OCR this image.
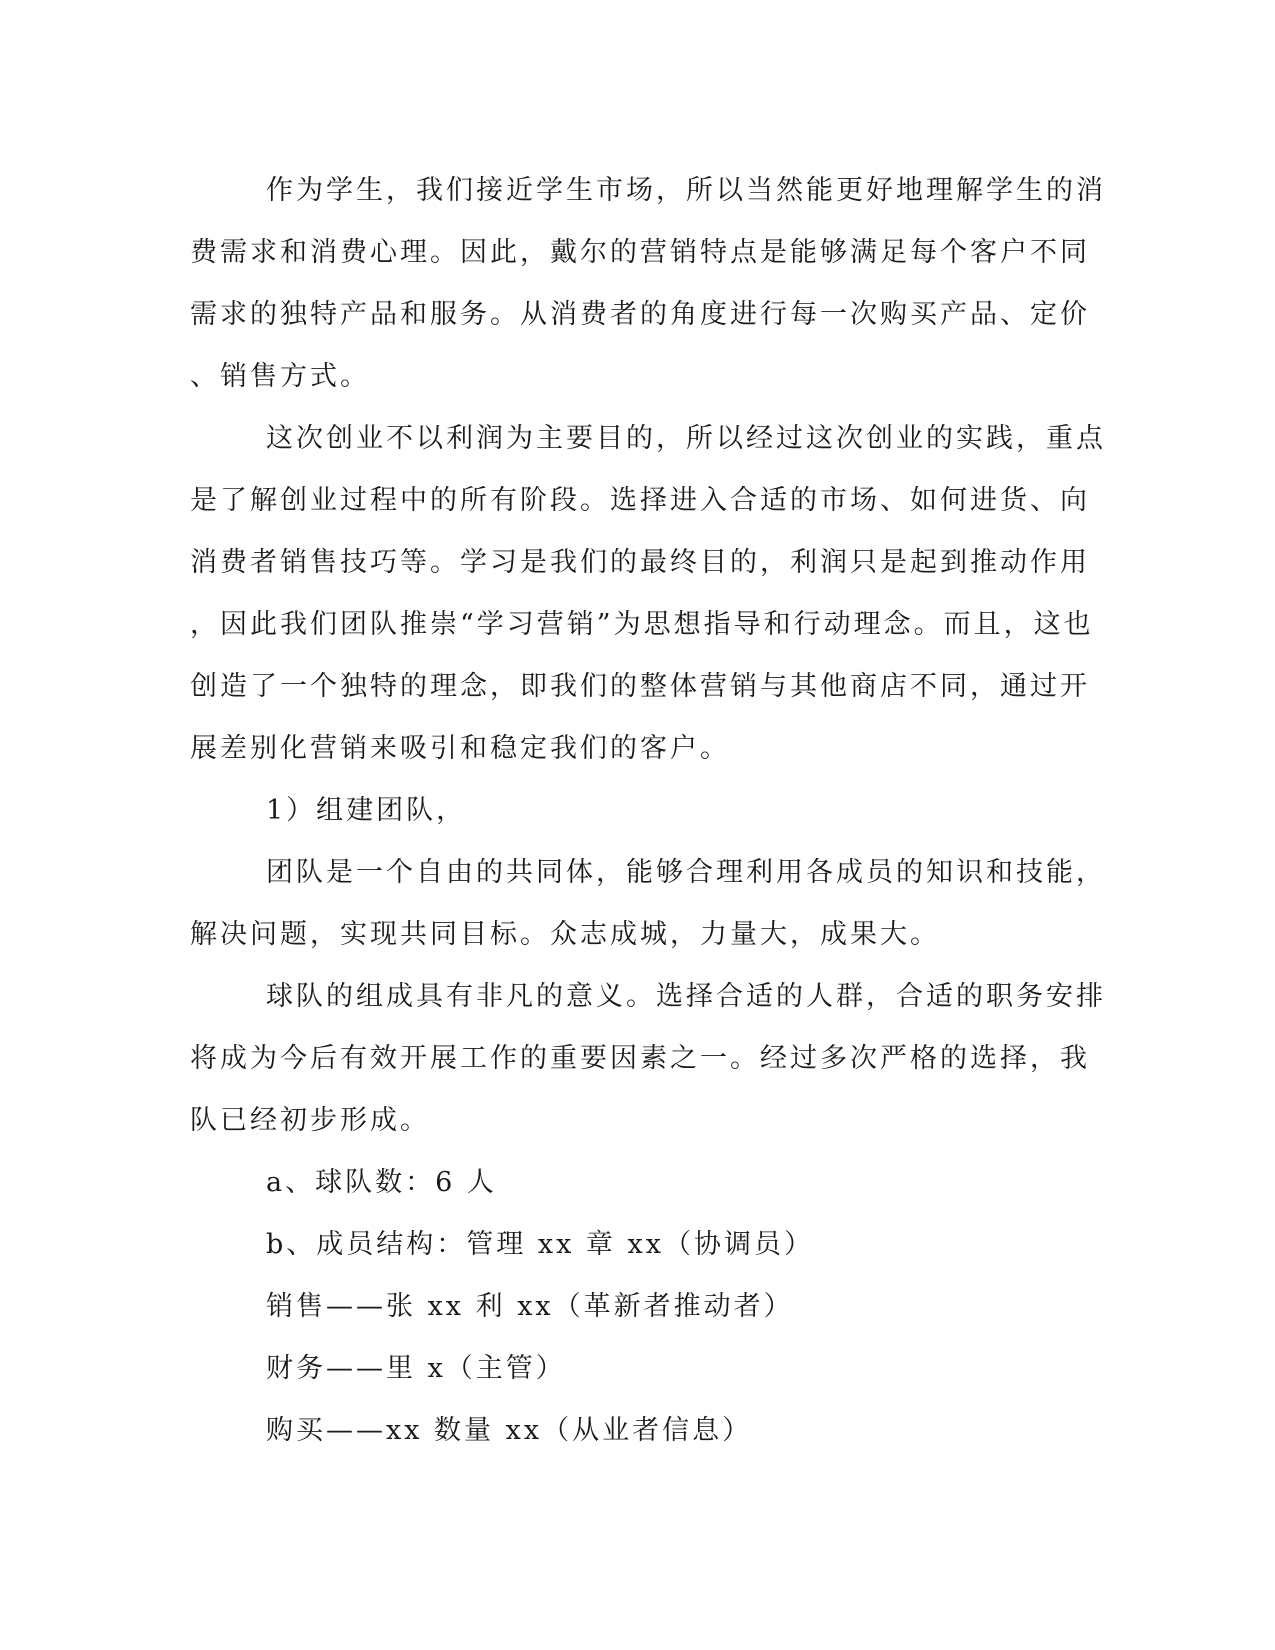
作为学生，我们接近学生市场，所以当然能更好地理解学生的消
费需求和消费心理。因此，戴尔的营销特点是能够满足每个客户不同
需求的独特产品和服务。从消费者的角度进行每一次购买产品、定价
、销售方式。
这次创业不以利润为主要目的，所以经过这次创业的实践，重点
是了解创业过程中的所有阶段。选择进入合适的市场、如何进货、向
消费者销售技巧等。学习是我们的最终目的，利润只是起到推动作用
，因此我们团队推崇“学习营销”为思想指导和行动理念。而且，这也
创造了一个独特的理念，即我们的整体营销与其他商店不同，通过开
展差别化营销来吸引和稳定我们的客户。
1）组建团队，
团队是一个自由的共同体，能够合理利用各成员的知识和技能，
解决问题，实现共同目标。众志成城，力量大，成果大。
球队的组成具有非凡的意义。选择合适的人群，合适的职务安排
将成为今后有效开展工作的重要因素之一。经过多次严格的选择，我
队已经初步形成。
a、球队数：6 人
b、成员结构：管理 xx 章 xx（协调员）
销售——张 xx 利 xx（革新者推动者）
财务——里 x（主管）
购买——xx 数量 xx（从业者信息）
